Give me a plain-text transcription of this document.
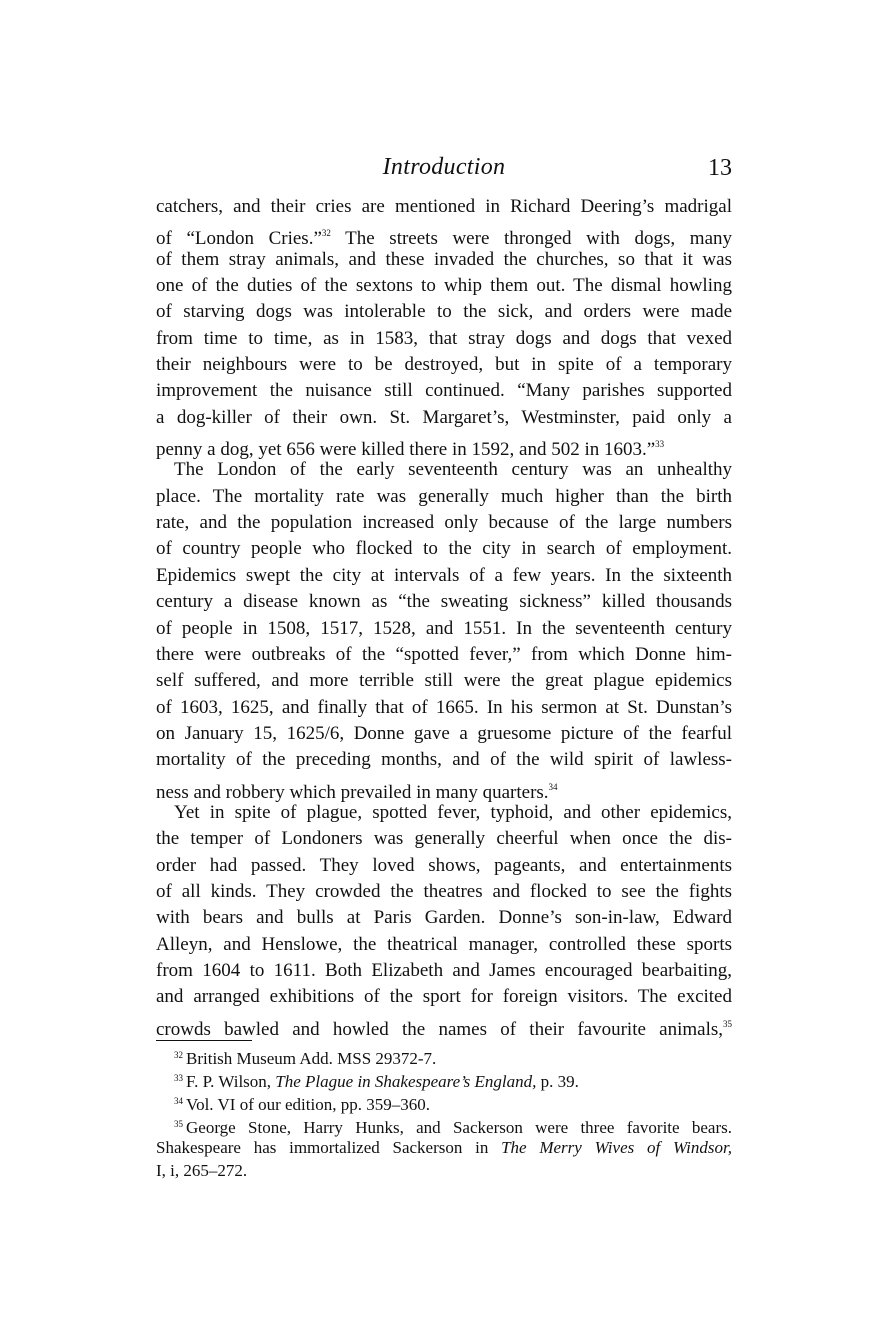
Introduction	13
catchers, and their cries are mentioned in Richard Deering’s madrigal
of “London Cries.”$^{32}$ The streets were thronged with dogs, many
of them stray animals, and these invaded the churches, so that it was
one of the duties of the sextons to whip them out. The dismal howling
of starving dogs was intolerable to the sick, and orders were made
from time to time, as in 1583, that stray dogs and dogs that vexed
their neighbours were to be destroyed, but in spite of a temporary
improvement the nuisance still continued. “Many parishes supported
a dog-killer of their own. St. Margaret’s, Westminster, paid only a
penny a dog, yet 656 were killed there in 1592, and 502 in 1603.”$^{33}$
The London of the early seventeenth century was an unhealthy
place. The mortality rate was generally much higher than the birth
rate, and the population increased only because of the large numbers
of country people who flocked to the city in search of employment.
Epidemics swept the city at intervals of a few years. In the sixteenth
century a disease known as “the sweating sickness” killed thousands
of people in 1508, 1517, 1528, and 1551. In the seventeenth century
there were outbreaks of the “spotted fever,” from which Donne him-
self suffered, and more terrible still were the great plague epidemics
of 1603, 1625, and finally that of 1665. In his sermon at St. Dunstan’s
on January 15, 1625/6, Donne gave a gruesome picture of the fearful
mortality of the preceding months, and of the wild spirit of lawless-
ness and robbery which prevailed in many quarters.$^{34}$
Yet in spite of plague, spotted fever, typhoid, and other epidemics,
the temper of Londoners was generally cheerful when once the dis-
order had passed. They loved shows, pageants, and entertainments
of all kinds. They crowded the theatres and flocked to see the fights
with bears and bulls at Paris Garden. Donne’s son-in-law, Edward
Alleyn, and Henslowe, the theatrical manager, controlled these sports
from 1604 to 1611. Both Elizabeth and James encouraged bearbaiting,
and arranged exhibitions of the sport for foreign visitors. The excited
crowds bawled and howled the names of their favourite animals,$^{35}$
$^{32}$ British Museum Add. MSS 29372-7.
$^{33}$ F. P. Wilson, The Plague in Shakespeare’s England, p. 39.
$^{34}$ Vol. VI of our edition, pp. 359–360.
$^{35}$ George Stone, Harry Hunks, and Sackerson were three favorite bears.
Shakespeare has immortalized Sackerson in The Merry Wives of Windsor,
I, i, 265–272.
